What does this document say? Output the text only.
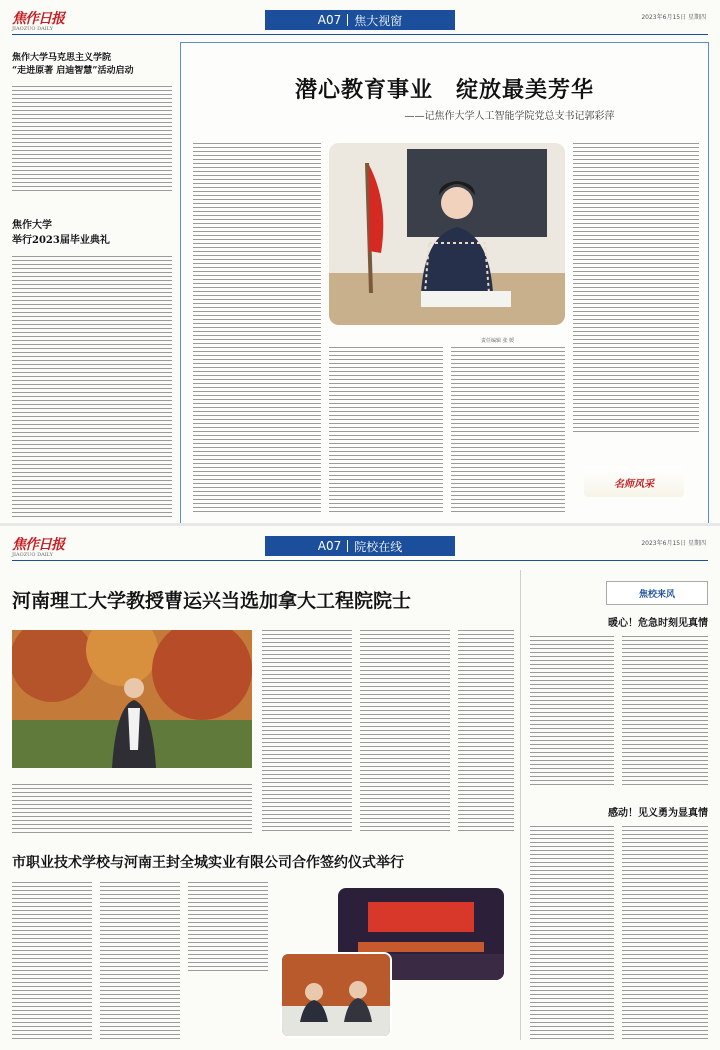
焦作日报
JIAOZUO DAILY
A07 焦大视窗	2023年6月15日 星期四
焦作大学马克思主义学院
“走进原著 启迪智慧”活动启动
焦作大学
举行2023届毕业典礼
潜心教育事业　绽放最美芳华
——记焦作大学人工智能学院党总支书记郭彩萍
责任编辑 张 媛
名师风采
焦作日报
JIAOZUO DAILY
A07 院校在线	2023年6月15日 星期四
河南理工大学教授曹运兴当选加拿大工程院院士
市职业技术学校与河南王封全城实业有限公司合作签约仪式举行

焦校来风
暖心！危急时刻见真情
感动！见义勇为显真情
